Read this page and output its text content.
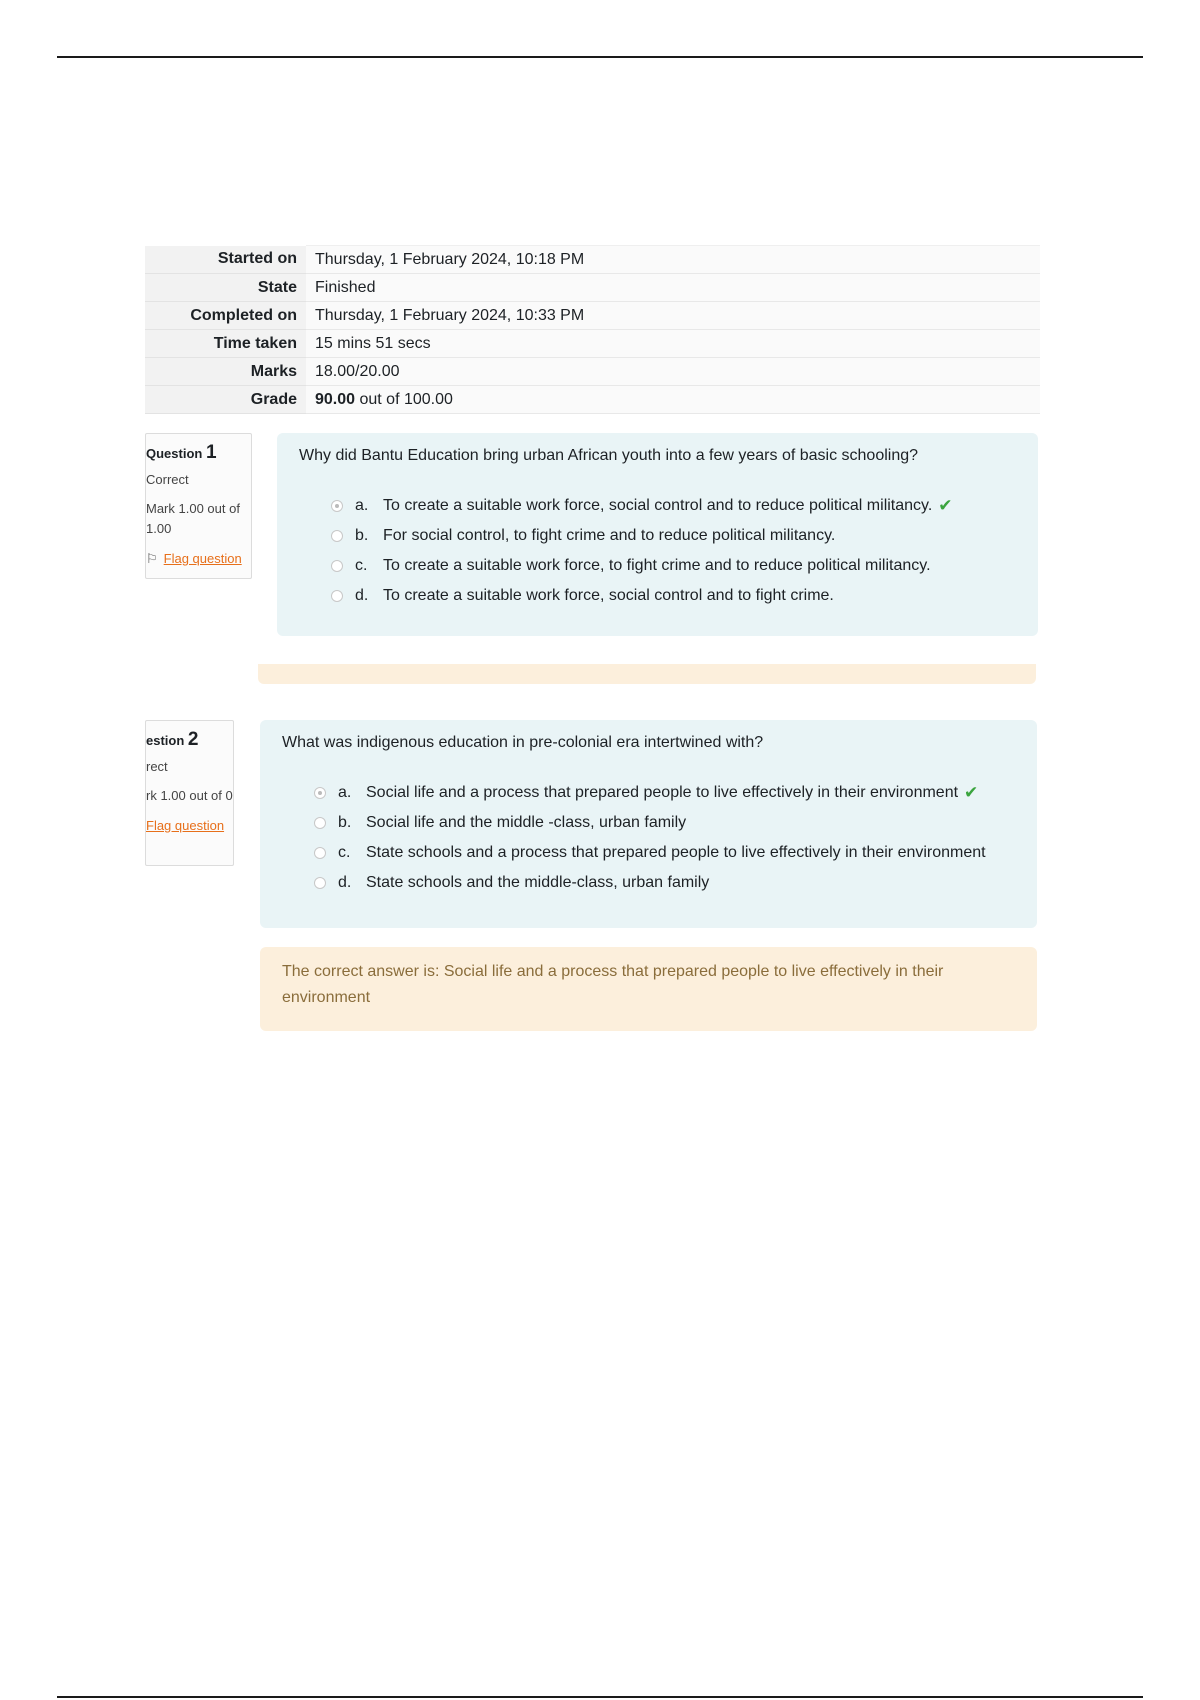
Started on	Thursday, 1 February 2024, 10:18 PM
State	Finished
Completed on	Thursday, 1 February 2024, 10:33 PM
Time taken	15 mins 51 secs
Marks	18.00/20.00
Grade	90.00 out of 100.00
Question 1
Correct
Mark 1.00 out of 1.00
⚐ Flag question

Why did Bantu Education bring urban African youth into a few years of basic schooling?

a. To create a suitable work force, social control and to reduce political militancy. ✔
b. For social control, to fight crime and to reduce political militancy.
c. To create a suitable work force, to fight crime and to reduce political militancy.
d. To create a suitable work force, social control and to fight crime.
estion 2
rect
rk 1.00 out of 0
Flag question

What was indigenous education in pre-colonial era intertwined with?

a. Social life and a process that prepared people to live effectively in their environment ✔
b. Social life and the middle -class, urban family
c. State schools and a process that prepared people to live effectively in their environment
d. State schools and the middle-class, urban family
The correct answer is: Social life and a process that prepared people to live effectively in their environment
